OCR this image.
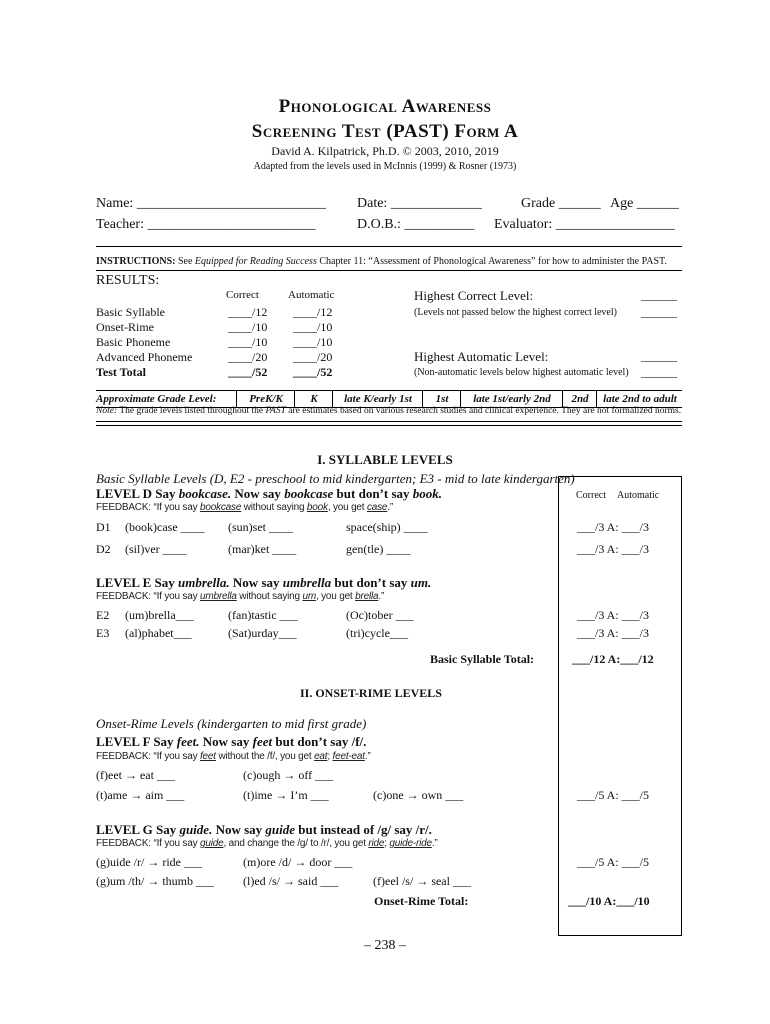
Phonological Awareness
Screening Test (PAST) Form A
David A. Kilpatrick, Ph.D. © 2003, 2010, 2019
Adapted from the levels used in McInnis (1999) & Rosner (1973)
Name: ___________________________ Date: _____________	Grade ______ Age ______
Teacher: ________________________	D.O.B.: __________ Evaluator: _________________
INSTRUCTIONS: See Equipped for Reading Success Chapter 11: “Assessment of Phonological Awareness” for how to administer the PAST.
RESULTS:
Correct	Automatic
Basic Syllable	____/12 ____/12
Onset-Rime	____/10 ____/10
Basic Phoneme	____/10 ____/10
Advanced Phoneme	____/20 ____/20
Test Total	____/52 ____/52
Highest Correct Level:	______
(Levels not passed below the highest correct level) ______
Highest Automatic Level:	______
(Non-automatic levels below highest automatic level) ______
Approximate Grade Level:	PreK/K	K	late K/early 1st	1st	late 1st/early 2nd	2nd	late 2nd to adult
Note: The grade levels listed throughout the PAST are estimates based on various research studies and clinical experience. They are not formalized norms.
I. SYLLABLE LEVELS
Basic Syllable Levels (D, E2 - preschool to mid kindergarten; E3 - mid to late kindergarten)
Correct Automatic
LEVEL D Say bookcase. Now say bookcase but don’t say book.
FEEDBACK: “If you say bookcase without saying book, you get case.”
D1 (book)case ____ (sun)set ____	space(ship) ____	___/3 A: ___/3
D2 (sil)ver ____	(mar)ket ____	gen(tle) ____	___/3 A: ___/3
LEVEL E Say umbrella. Now say umbrella but don’t say um.
FEEDBACK: “If you say umbrella without saying um, you get brella.”
E2 (um)brella___	(fan)tastic ___	(Oc)tober ___	___/3 A: ___/3
E3 (al)phabet___	(Sat)urday___	(tri)cycle___	___/3 A: ___/3
Basic Syllable Total:	___/12 A:___/12
II. ONSET-RIME LEVELS
Onset-Rime Levels (kindergarten to mid first grade)
LEVEL F Say feet. Now say feet but don’t say /f/.
FEEDBACK: “If you say feet without the /f/, you get eat; feet-eat.”
(f)eet → eat ___	(c)ough → off ___
(t)ame → aim ___	(t)ime → I’m ___	(c)one → own ___	___/5 A: ___/5
LEVEL G Say guide. Now say guide but instead of /g/ say /r/.
FEEDBACK: “If you say guide, and change the /g/ to /r/, you get ride; guide-ride.”
(g)uide /r/ → ride ___	(m)ore /d/ → door ___	___/5 A: ___/5
(g)um /th/ → thumb ___ (l)ed /s/ → said ___	(f)eel /s/ → seal ___
Onset-Rime Total:	___/10 A:___/10
– 238 –
